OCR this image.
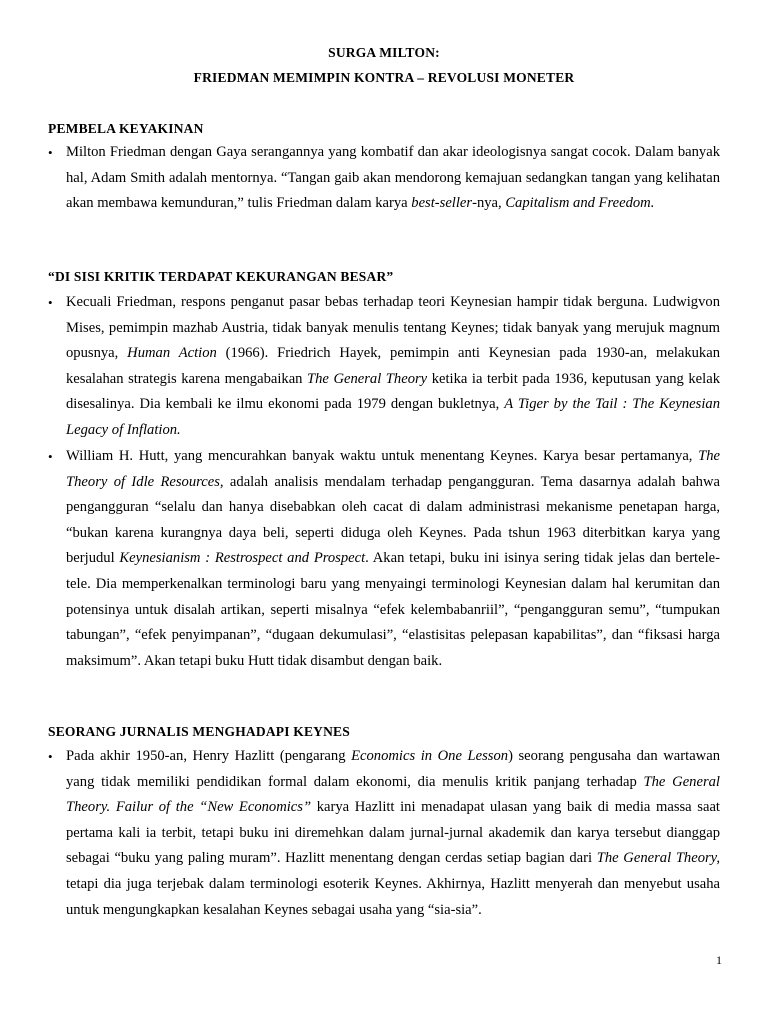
SURGA MILTON:
FRIEDMAN MEMIMPIN KONTRA – REVOLUSI MONETER
PEMBELA KEYAKINAN
• Milton Friedman dengan Gaya serangannya yang kombatif dan akar ideologisnya sangat cocok. Dalam banyak hal, Adam Smith adalah mentornya. “Tangan gaib akan mendorong kemajuan sedangkan tangan yang kelihatan akan membawa kemunduran,” tulis Friedman dalam karya best-seller-nya, Capitalism and Freedom.
“DI SISI KRITIK TERDAPAT KEKURANGAN BESAR”
• Kecuali Friedman, respons penganut pasar bebas terhadap teori Keynesian hampir tidak berguna. Ludwigvon Mises, pemimpin mazhab Austria, tidak banyak menulis tentang Keynes; tidak banyak yang merujuk magnum opusnya, Human Action (1966). Friedrich Hayek, pemimpin anti Keynesian pada 1930-an, melakukan kesalahan strategis karena mengabaikan The General Theory ketika ia terbit pada 1936, keputusan yang kelak disesalinya. Dia kembali ke ilmu ekonomi pada 1979 dengan bukletnya, A Tiger by the Tail : The Keynesian Legacy of Inflation.
• William H. Hutt, yang mencurahkan banyak waktu untuk menentang Keynes. Karya besar pertamanya, The Theory of Idle Resources, adalah analisis mendalam terhadap pengangguran. Tema dasarnya adalah bahwa pengangguran “selalu dan hanya disebabkan oleh cacat di dalam administrasi mekanisme penetapan harga, “bukan karena kurangnya daya beli, seperti diduga oleh Keynes. Pada tshun 1963 diterbitkan karya yang berjudul Keynesianism : Restrospect and Prospect. Akan tetapi, buku ini isinya sering tidak jelas dan bertele-tele. Dia memperkenalkan terminologi baru yang menyaingi terminologi Keynesian dalam hal kerumitan dan potensinya untuk disalah artikan, seperti misalnya “efek kelembabanriil”, “pengangguran semu”, “tumpukan tabungan”, “efek penyimpanan”, “dugaan dekumulasi”, “elastisitas pelepasan kapabilitas”, dan “fiksasi harga maksimum”. Akan tetapi buku Hutt tidak disambut dengan baik.
SEORANG JURNALIS MENGHADAPI KEYNES
• Pada akhir 1950-an, Henry Hazlitt (pengarang Economics in One Lesson) seorang pengusaha dan wartawan yang tidak memiliki pendidikan formal dalam ekonomi, dia menulis kritik panjang terhadap The General Theory. Failur of the “New Economics” karya Hazlitt ini menadapat ulasan yang baik di media massa saat pertama kali ia terbit, tetapi buku ini diremehkan dalam jurnal-jurnal akademik dan karya tersebut dianggap sebagai “buku yang paling muram”. Hazlitt menentang dengan cerdas setiap bagian dari The General Theory, tetapi dia juga terjebak dalam terminologi esoterik Keynes. Akhirnya, Hazlitt menyerah dan menyebut usaha untuk mengungkapkan kesalahan Keynes sebagai usaha yang “sia-sia”.
1
